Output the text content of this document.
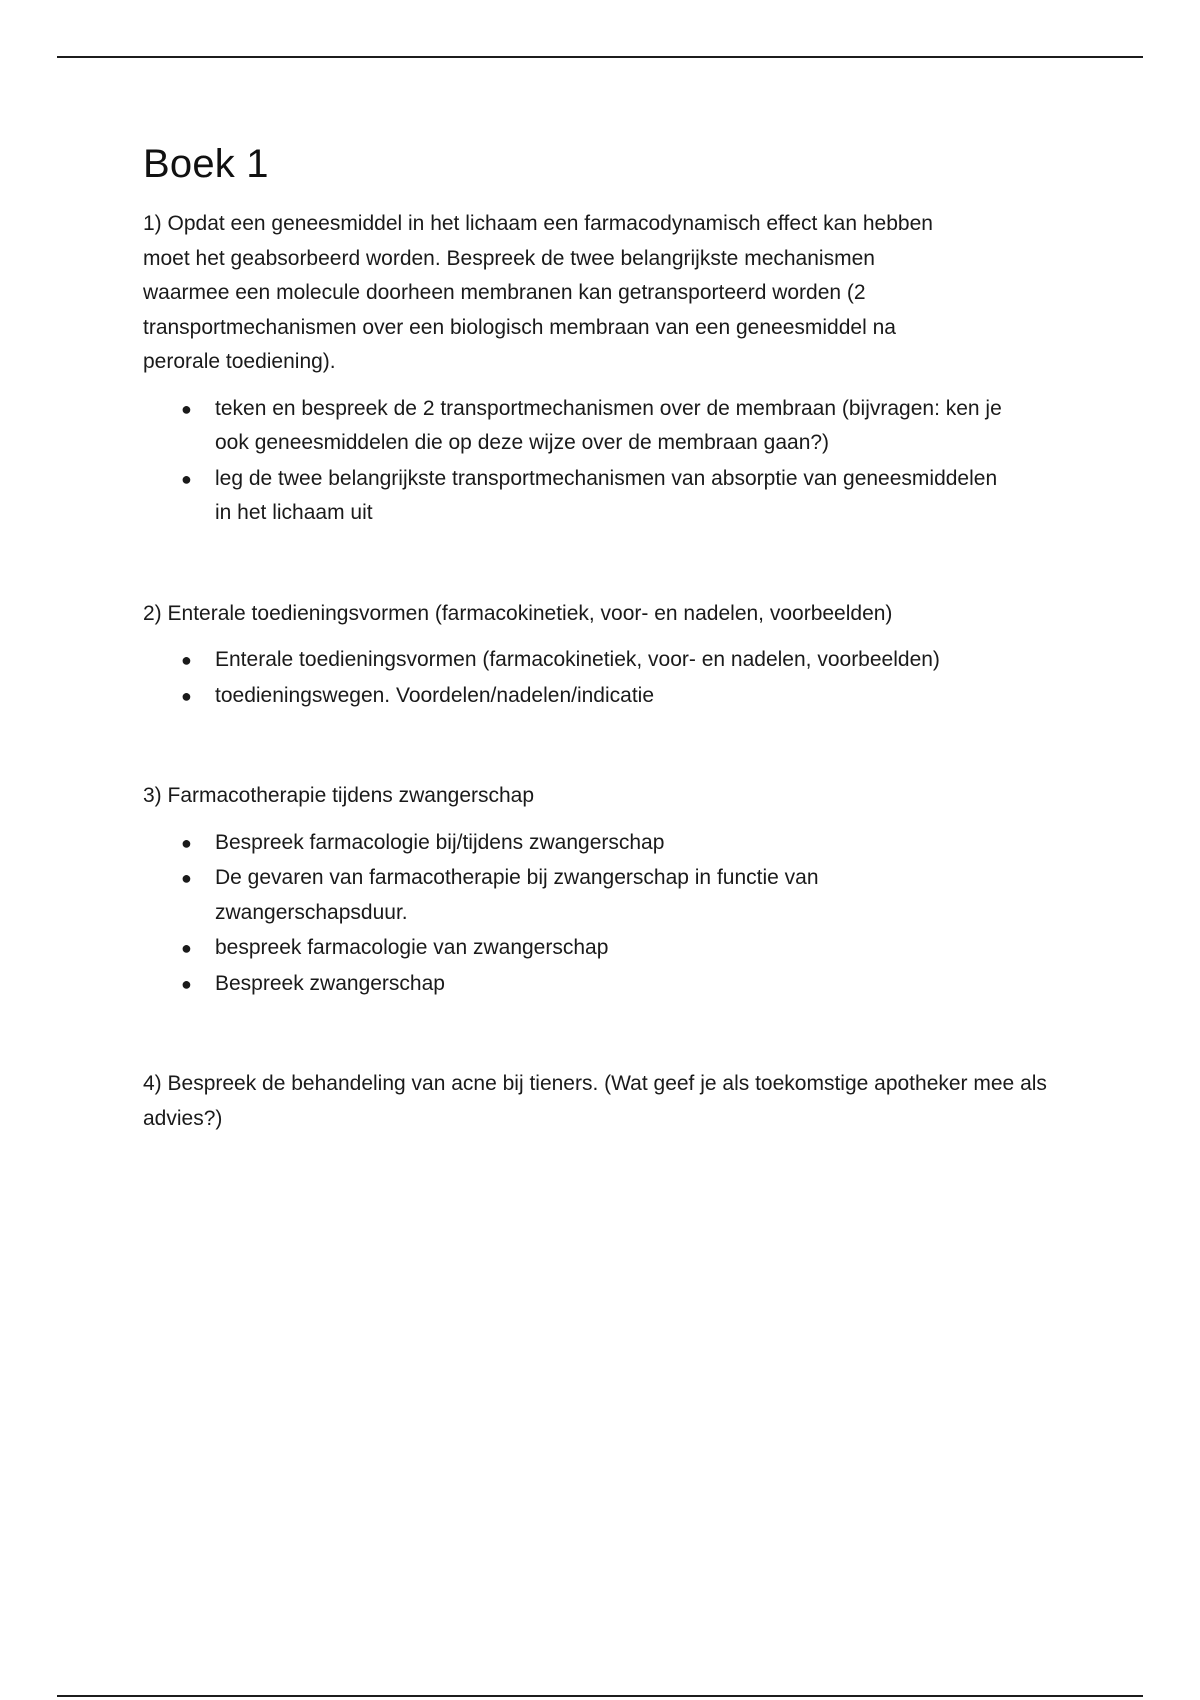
Boek 1

1) Opdat een geneesmiddel in het lichaam een farmacodynamisch effect kan hebben
moet het geabsorbeerd worden. Bespreek de twee belangrijkste mechanismen
waarmee een molecule doorheen membranen kan getransporteerd worden (2
transportmechanismen over een biologisch membraan van een geneesmiddel na
perorale toediening).

● teken en bespreek de 2 transportmechanismen over de membraan (bijvragen: ken je ook geneesmiddelen die op deze wijze over de membraan gaan?)
● leg de twee belangrijkste transportmechanismen van absorptie van geneesmiddelen in het lichaam uit

2) Enterale toedieningsvormen (farmacokinetiek, voor- en nadelen, voorbeelden)

● Enterale toedieningsvormen (farmacokinetiek, voor- en nadelen, voorbeelden)
● toedieningswegen. Voordelen/nadelen/indicatie

3) Farmacotherapie tijdens zwangerschap

● Bespreek farmacologie bij/tijdens zwangerschap
● De gevaren van farmacotherapie bij zwangerschap in functie van zwangerschapsduur.
● bespreek farmacologie van zwangerschap
● Bespreek zwangerschap

4) Bespreek de behandeling van acne bij tieners. (Wat geef je als toekomstige apotheker mee als advies?)
